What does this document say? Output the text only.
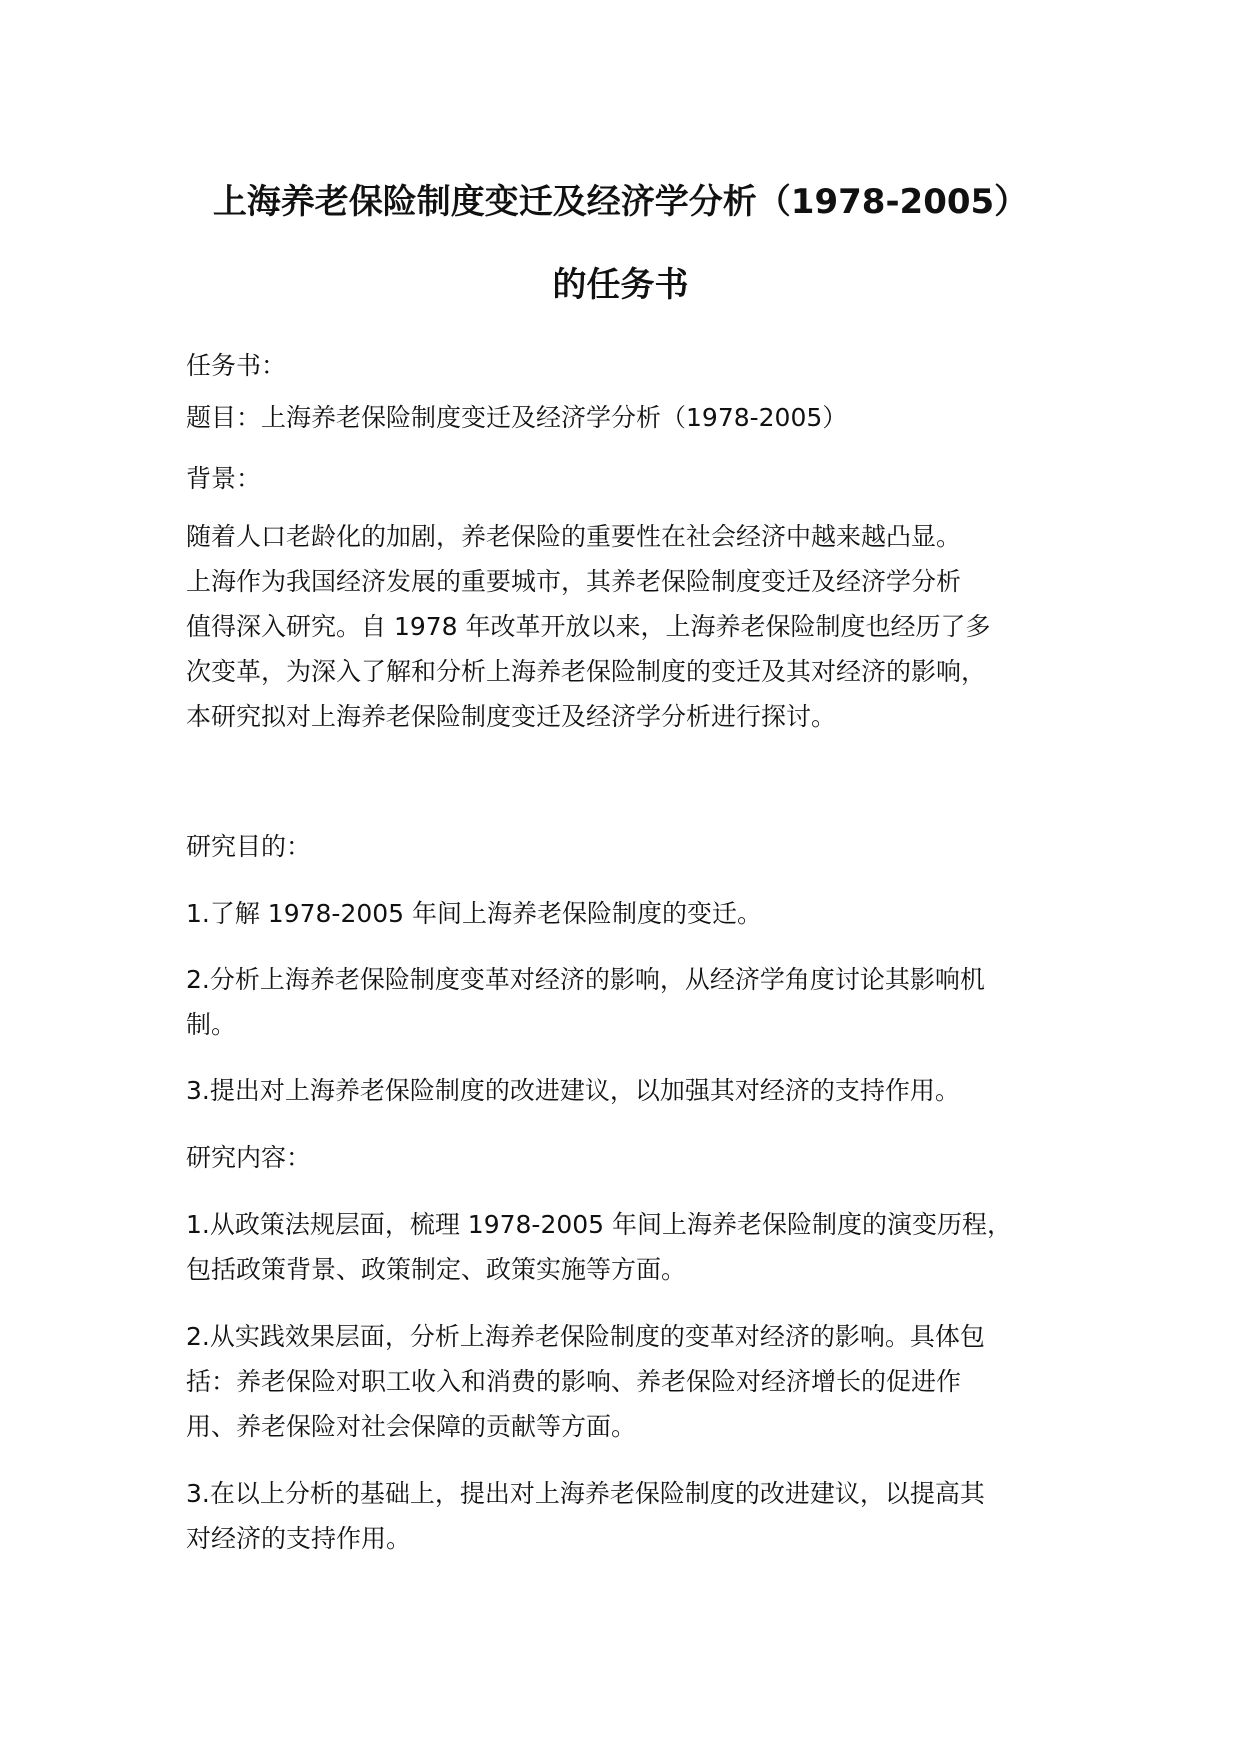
上海养老保险制度变迁及经济学分析（1978-2005）
的任务书

任务书：

题目：上海养老保险制度变迁及经济学分析（1978-2005）

背景：

随着人口老龄化的加剧，养老保险的重要性在社会经济中越来越凸显。
上海作为我国经济发展的重要城市，其养老保险制度变迁及经济学分析
值得深入研究。自 1978 年改革开放以来，上海养老保险制度也经历了多
次变革，为深入了解和分析上海养老保险制度的变迁及其对经济的影响，
本研究拟对上海养老保险制度变迁及经济学分析进行探讨。

研究目的：

1.了解 1978-2005 年间上海养老保险制度的变迁。

2.分析上海养老保险制度变革对经济的影响，从经济学角度讨论其影响机
制。

3.提出对上海养老保险制度的改进建议，以加强其对经济的支持作用。

研究内容：

1.从政策法规层面，梳理 1978-2005 年间上海养老保险制度的演变历程，
包括政策背景、政策制定、政策实施等方面。

2.从实践效果层面，分析上海养老保险制度的变革对经济的影响。具体包
括：养老保险对职工收入和消费的影响、养老保险对经济增长的促进作
用、养老保险对社会保障的贡献等方面。

3.在以上分析的基础上，提出对上海养老保险制度的改进建议，以提高其
对经济的支持作用。
